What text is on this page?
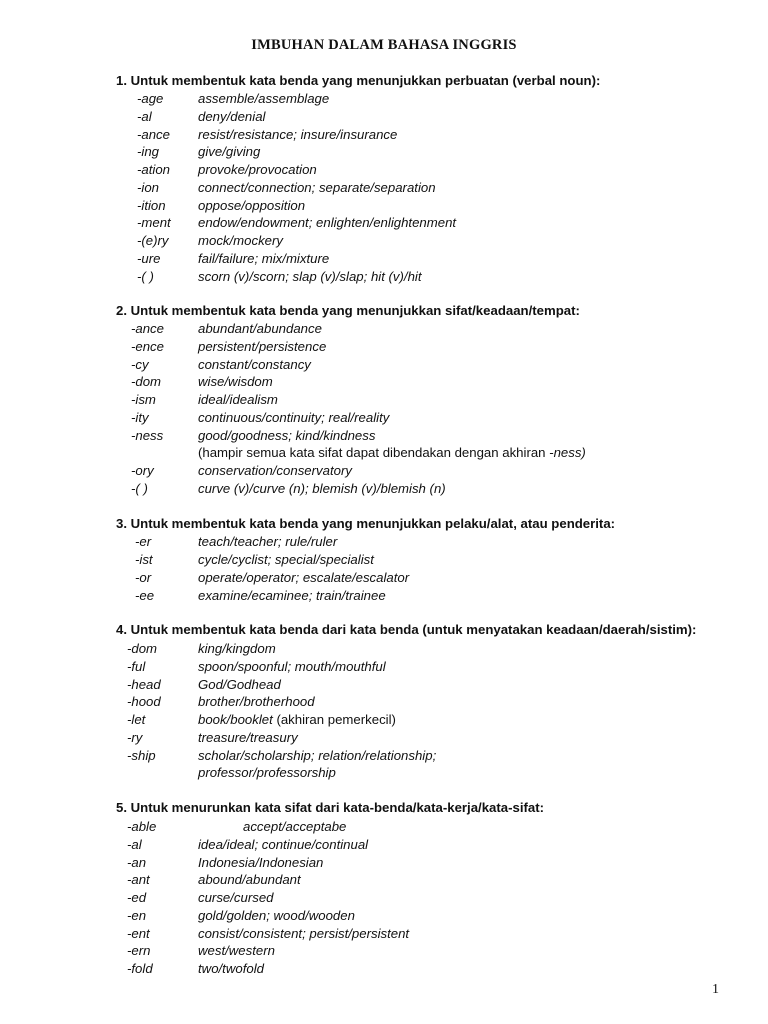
IMBUHAN DALAM BAHASA INGGRIS
1. Untuk membentuk kata benda yang menunjukkan perbuatan (verbal noun):
-age	assemble/assemblage
-al	deny/denial
-ance resist/resistance; insure/insurance
-ing	give/giving
-ation provoke/provocation
-ion	connect/connection; separate/separation
-ition oppose/opposition
-ment endow/endowment; enlighten/enlightenment
-(e)ry mock/mockery
-ure	fail/failure; mix/mixture
-( )	scorn (v)/scorn; slap (v)/slap; hit (v)/hit
2. Untuk membentuk kata benda yang menunjukkan sifat/keadaan/tempat:
-ance	abundant/abundance
-ence	persistent/persistence
-cy	constant/constancy
-dom	wise/wisdom
-ism	ideal/idealism
-ity	continuous/continuity; real/reality
-ness	good/goodness; kind/kindness
(hampir semua kata sifat dapat dibendakan dengan akhiran -ness)
-ory	conservation/conservatory
-( )	curve (v)/curve (n); blemish (v)/blemish (n)
3. Untuk membentuk kata benda yang menunjukkan pelaku/alat, atau penderita:
-er	teach/teacher; rule/ruler
-ist	cycle/cyclist; special/specialist
-or	operate/operator; escalate/escalator
-ee	examine/ecaminee; train/trainee
4. Untuk membentuk kata benda dari kata benda (untuk menyatakan keadaan/daerah/sistim):
-dom	king/kingdom
-ful	spoon/spoonful; mouth/mouthful
-head	God/Godhead
-hood	brother/brotherhood
-let	book/booklet (akhiran pemerkecil)
-ry	treasure/treasury
-ship	scholar/scholarship; relation/relationship;
professor/professorship
5. Untuk menurunkan kata sifat dari kata-benda/kata-kerja/kata-sifat:
-able	accept/acceptabe
-al	idea/ideal; continue/continual
-an	Indonesia/Indonesian
-ant	abound/abundant
-ed	curse/cursed
-en	gold/golden; wood/wooden
-ent	consist/consistent; persist/persistent
-ern	west/western
-fold	two/twofold
1
